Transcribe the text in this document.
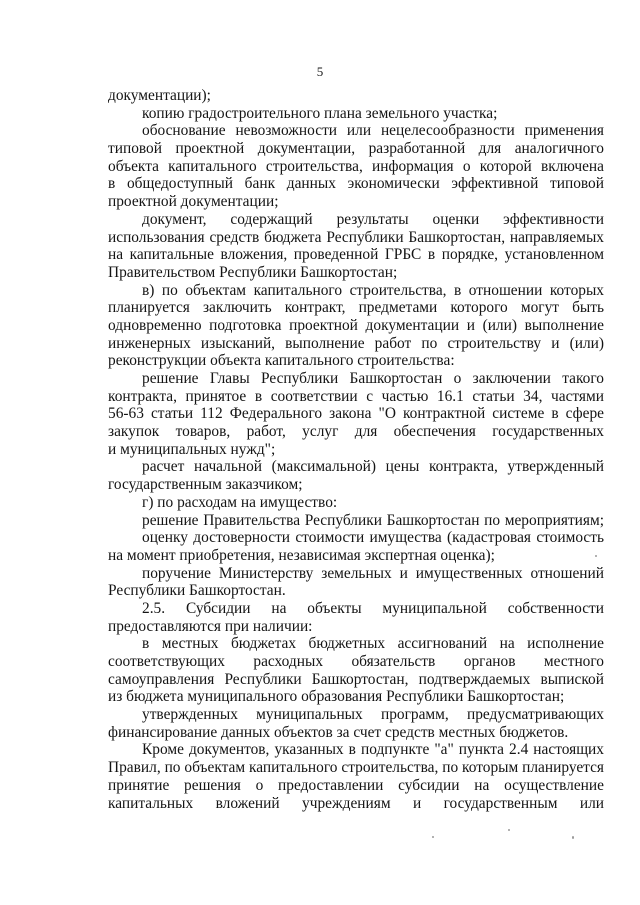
5
документации);
копию градостроительного плана земельного участка;
обоснование невозможности или нецелесообразности применения
типовой проектной документации, разработанной для аналогичного
объекта капитального строительства, информация о которой включена
в общедоступный банк данных экономически эффективной типовой
проектной документации;
документ, содержащий результаты оценки эффективности
использования средств бюджета Республики Башкортостан, направляемых
на капитальные вложения, проведенной ГРБС в порядке, установленном
Правительством Республики Башкортостан;
в) по объектам капитального строительства, в отношении которых
планируется заключить контракт, предметами которого могут быть
одновременно подготовка проектной документации и (или) выполнение
инженерных изысканий, выполнение работ по строительству и (или)
реконструкции объекта капитального строительства:
решение Главы Республики Башкортостан о заключении такого
контракта, принятое в соответствии с частью 16.1 статьи 34, частями
56-63 статьи 112 Федерального закона "О контрактной системе в сфере
закупок товаров, работ, услуг для обеспечения государственных
и муниципальных нужд";
расчет начальной (максимальной) цены контракта, утвержденный
государственным заказчиком;
г) по расходам на имущество:
решение Правительства Республики Башкортостан по мероприятиям;
оценку достоверности стоимости имущества (кадастровая стоимость
на момент приобретения, независимая экспертная оценка);
поручение Министерству земельных и имущественных отношений
Республики Башкортостан.
2.5. Субсидии на объекты муниципальной собственности
предоставляются при наличии:
в местных бюджетах бюджетных ассигнований на исполнение
соответствующих расходных обязательств органов местного
самоуправления Республики Башкортостан, подтверждаемых выпиской
из бюджета муниципального образования Республики Башкортостан;
утвержденных муниципальных программ, предусматривающих
финансирование данных объектов за счет средств местных бюджетов.
Кроме документов, указанных в подпункте "а" пункта 2.4 настоящих
Правил, по объектам капитального строительства, по которым планируется
принятие решения о предоставлении субсидии на осуществление
капитальных вложений учреждениям и государственным или
